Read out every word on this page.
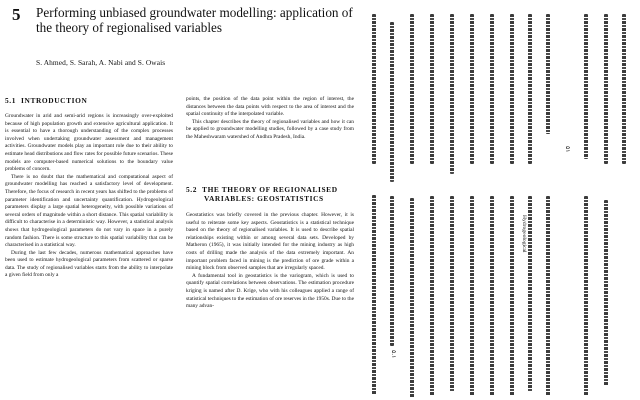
5 Performing unbiased groundwater modelling: application of the theory of regionalised variables
S. Ahmed, S. Sarah, A. Nabi and S. Owais
5.1 INTRODUCTION

Groundwater in arid and semi-arid regions is increasingly over-exploited because of high population growth and extensive agricultural application. It is essential to have a thorough understanding of the complex processes involved when undertaking groundwater assessment and management activities. Groundwater models play an important role due to their ability to estimate head distributions and flow rates for possible future scenarios. These models are computer-based numerical solutions to the boundary value problems of concern.

There is no doubt that the mathematical and computational aspect of groundwater modelling has reached a satisfactory level of development. Therefore, the focus of research in recent years has shifted to the problems of parameter identification and uncertainty quantification. Hydrogeological parameters display a large spatial heterogeneity, with possible variations of several orders of magnitude within a short distance. This spatial variability is difficult to characterise in a deterministic way. However, a statistical analysis shows that hydrogeological parameters do not vary in space in a purely random fashion. There is some structure to this spatial variability that can be characterised in a statistical way.

During the last few decades, numerous mathematical approaches have been used to estimate hydrogeological parameters from scattered or sparse data. The study of regionalised variables starts from the ability to interpolate a given field from only a

points, the position of the data point within the region of interest, the distances between the data points with respect to the area of interest and the spatial continuity of the interpolated variable.

This chapter describes the theory of regionalised variables and how it can be applied to groundwater modelling studies, followed by a case study from the Maheshwaram watershed of Andhra Pradesh, India.

5.2 THE THEORY OF REGIONALISED
VARIABLES: GEOSTATISTICS

Geostatistics was briefly covered in the previous chapter. However, it is useful to reiterate some key aspects. Geostatistics is a statistical technique based on the theory of regionalised variables. It is used to describe spatial relationships existing within or among several data sets. Developed by Matheron (1965), it was initially intended for the mining industry as high costs of drilling made the analysis of the data extremely important. An important problem faced in mining is the prediction of ore grade within a mining block from observed samples that are irregularly spaced.

A fundamental tool in geostatistics is the variogram, which is used to quantify spatial correlations between observations. The estimation procedure kriging is named after D. Krige, who with his colleagues applied a range of statistical techniques to the estimation of ore reserves in the 1950s. Due to the many advan-

۵۱
۵.۱
Hydrogeological
